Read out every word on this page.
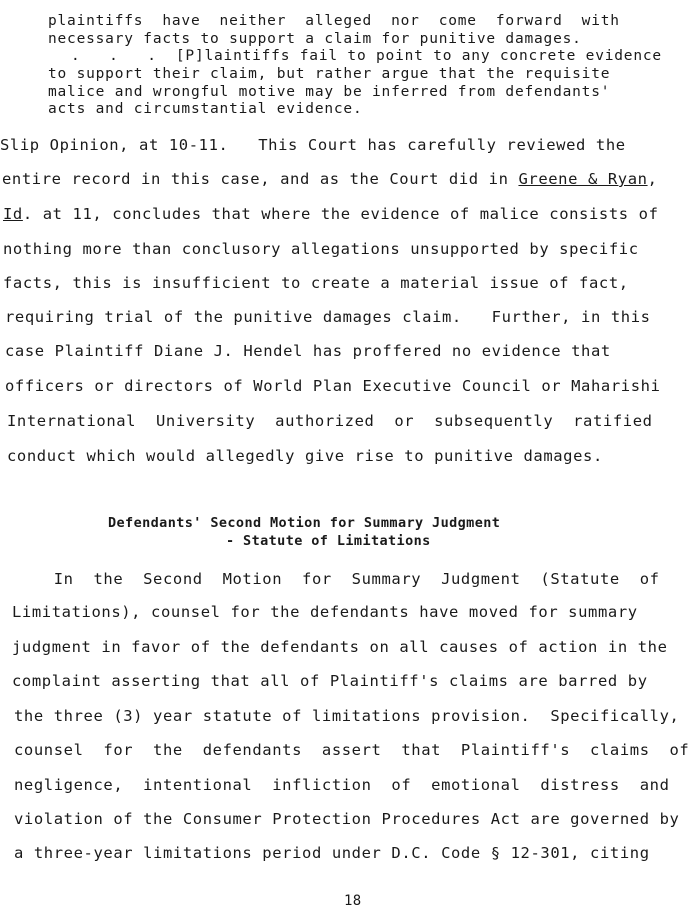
plaintiffs  have  neither  alleged  nor  come  forward  with
necessary facts to support a claim for punitive damages.
.   .   .  [P]laintiffs fail to point to any concrete evidence
to support their claim, but rather argue that the requisite
malice and wrongful motive may be inferred from defendants'
acts and circumstantial evidence.
Slip Opinion, at 10-11.   This Court has carefully reviewed the
entire record in this case, and as the Court did in Greene & Ryan,
Id. at 11, concludes that where the evidence of malice consists of
nothing more than conclusory allegations unsupported by specific
facts, this is insufficient to create a material issue of fact,
requiring trial of the punitive damages claim.   Further, in this
case Plaintiff Diane J. Hendel has proffered no evidence that
officers or directors of World Plan Executive Council or Maharishi
International  University  authorized  or  subsequently  ratified
conduct which would allegedly give rise to punitive damages.
Defendants' Second Motion for Summary Judgment
- Statute of Limitations
In  the  Second  Motion  for  Summary  Judgment  (Statute  of
Limitations), counsel for the defendants have moved for summary
judgment in favor of the defendants on all causes of action in the
complaint asserting that all of Plaintiff's claims are barred by
the three (3) year statute of limitations provision.  Specifically,
counsel  for  the  defendants  assert  that  Plaintiff's  claims  of
negligence,  intentional  infliction  of  emotional  distress  and
violation of the Consumer Protection Procedures Act are governed by
a three-year limitations period under D.C. Code § 12-301, citing
18
